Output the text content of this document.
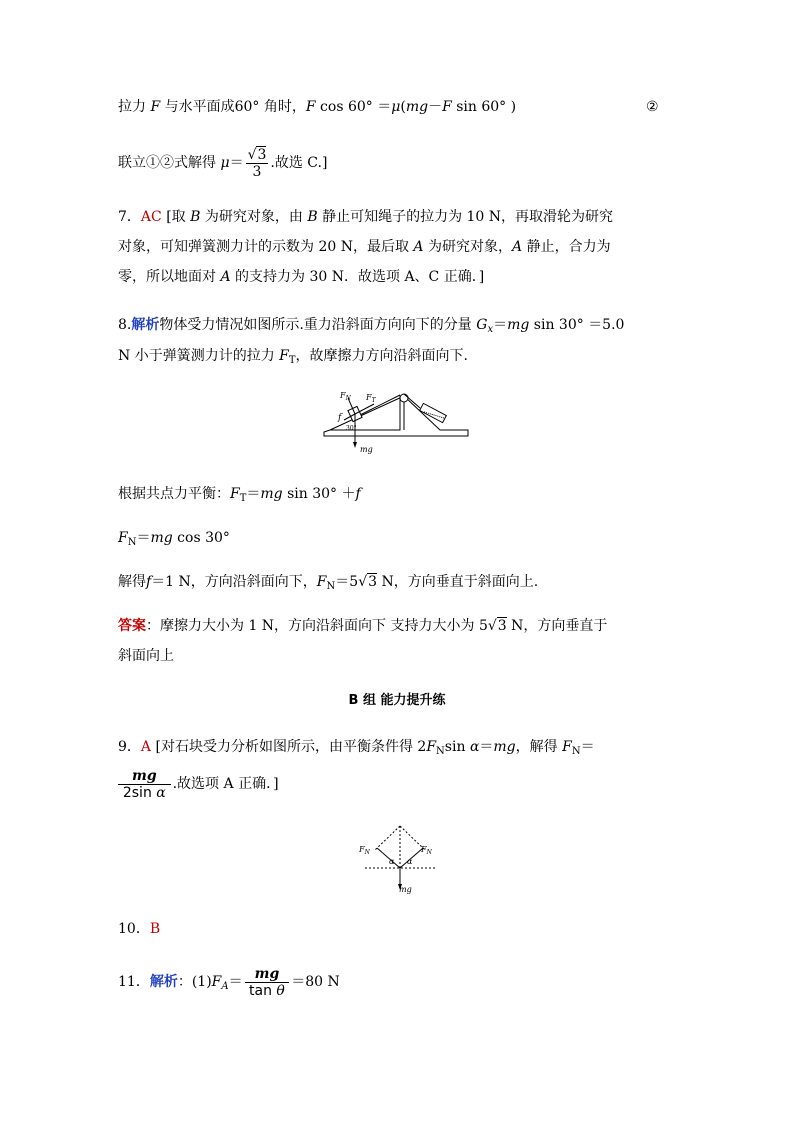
拉力 F 与水平面成60° 角时，F cos 60° ＝μ(mg－F sin 60° )	②
联立①②式解得 $\mu= \frac{√3}{3}$ .故选 C.]
7．AC [取 B 为研究对象，由 B 静止可知绳子的拉力为 10 N，再取滑轮为研究
对象，可知弹簧测力计的示数为 20 N，最后取 A 为研究对象，A 静止，合力为
零，所以地面对 A 的支持力为 30 N．故选项 A、C 正确．]
8.解析物体受力情况如图所示.重力沿斜面方向向下的分量 $G_x=mg$ sin 30° ＝5.0
N 小于弹簧测力计的拉力 $F_T$，故摩擦力方向沿斜面向下.
$F_N$ $F_T$
f
30°
mg
根据共点力平衡：$F_T=mg$ sin 30° ＋f
$F_N=mg$ cos 30°
解得f＝1 N，方向沿斜面向下，$F_N=5√3$ N，方向垂直于斜面向上.
答案：摩擦力大小为 1 N，方向沿斜面向下 支持力大小为 5√3 N，方向垂直于
斜面向上
B 组 能力提升练
9．A [对石块受力分析如图所示，由平衡条件得 $2F_N\sin$ α＝mg，解得 $F_N=$
$\frac{mg}{\text{2sin α}}$ .故选项 A 正确．]
$F_N$	$F_N$
α α
mg
10．B
11．解析：$(1)F_A= \frac{mg}{\text{tan θ}} =80$ N
